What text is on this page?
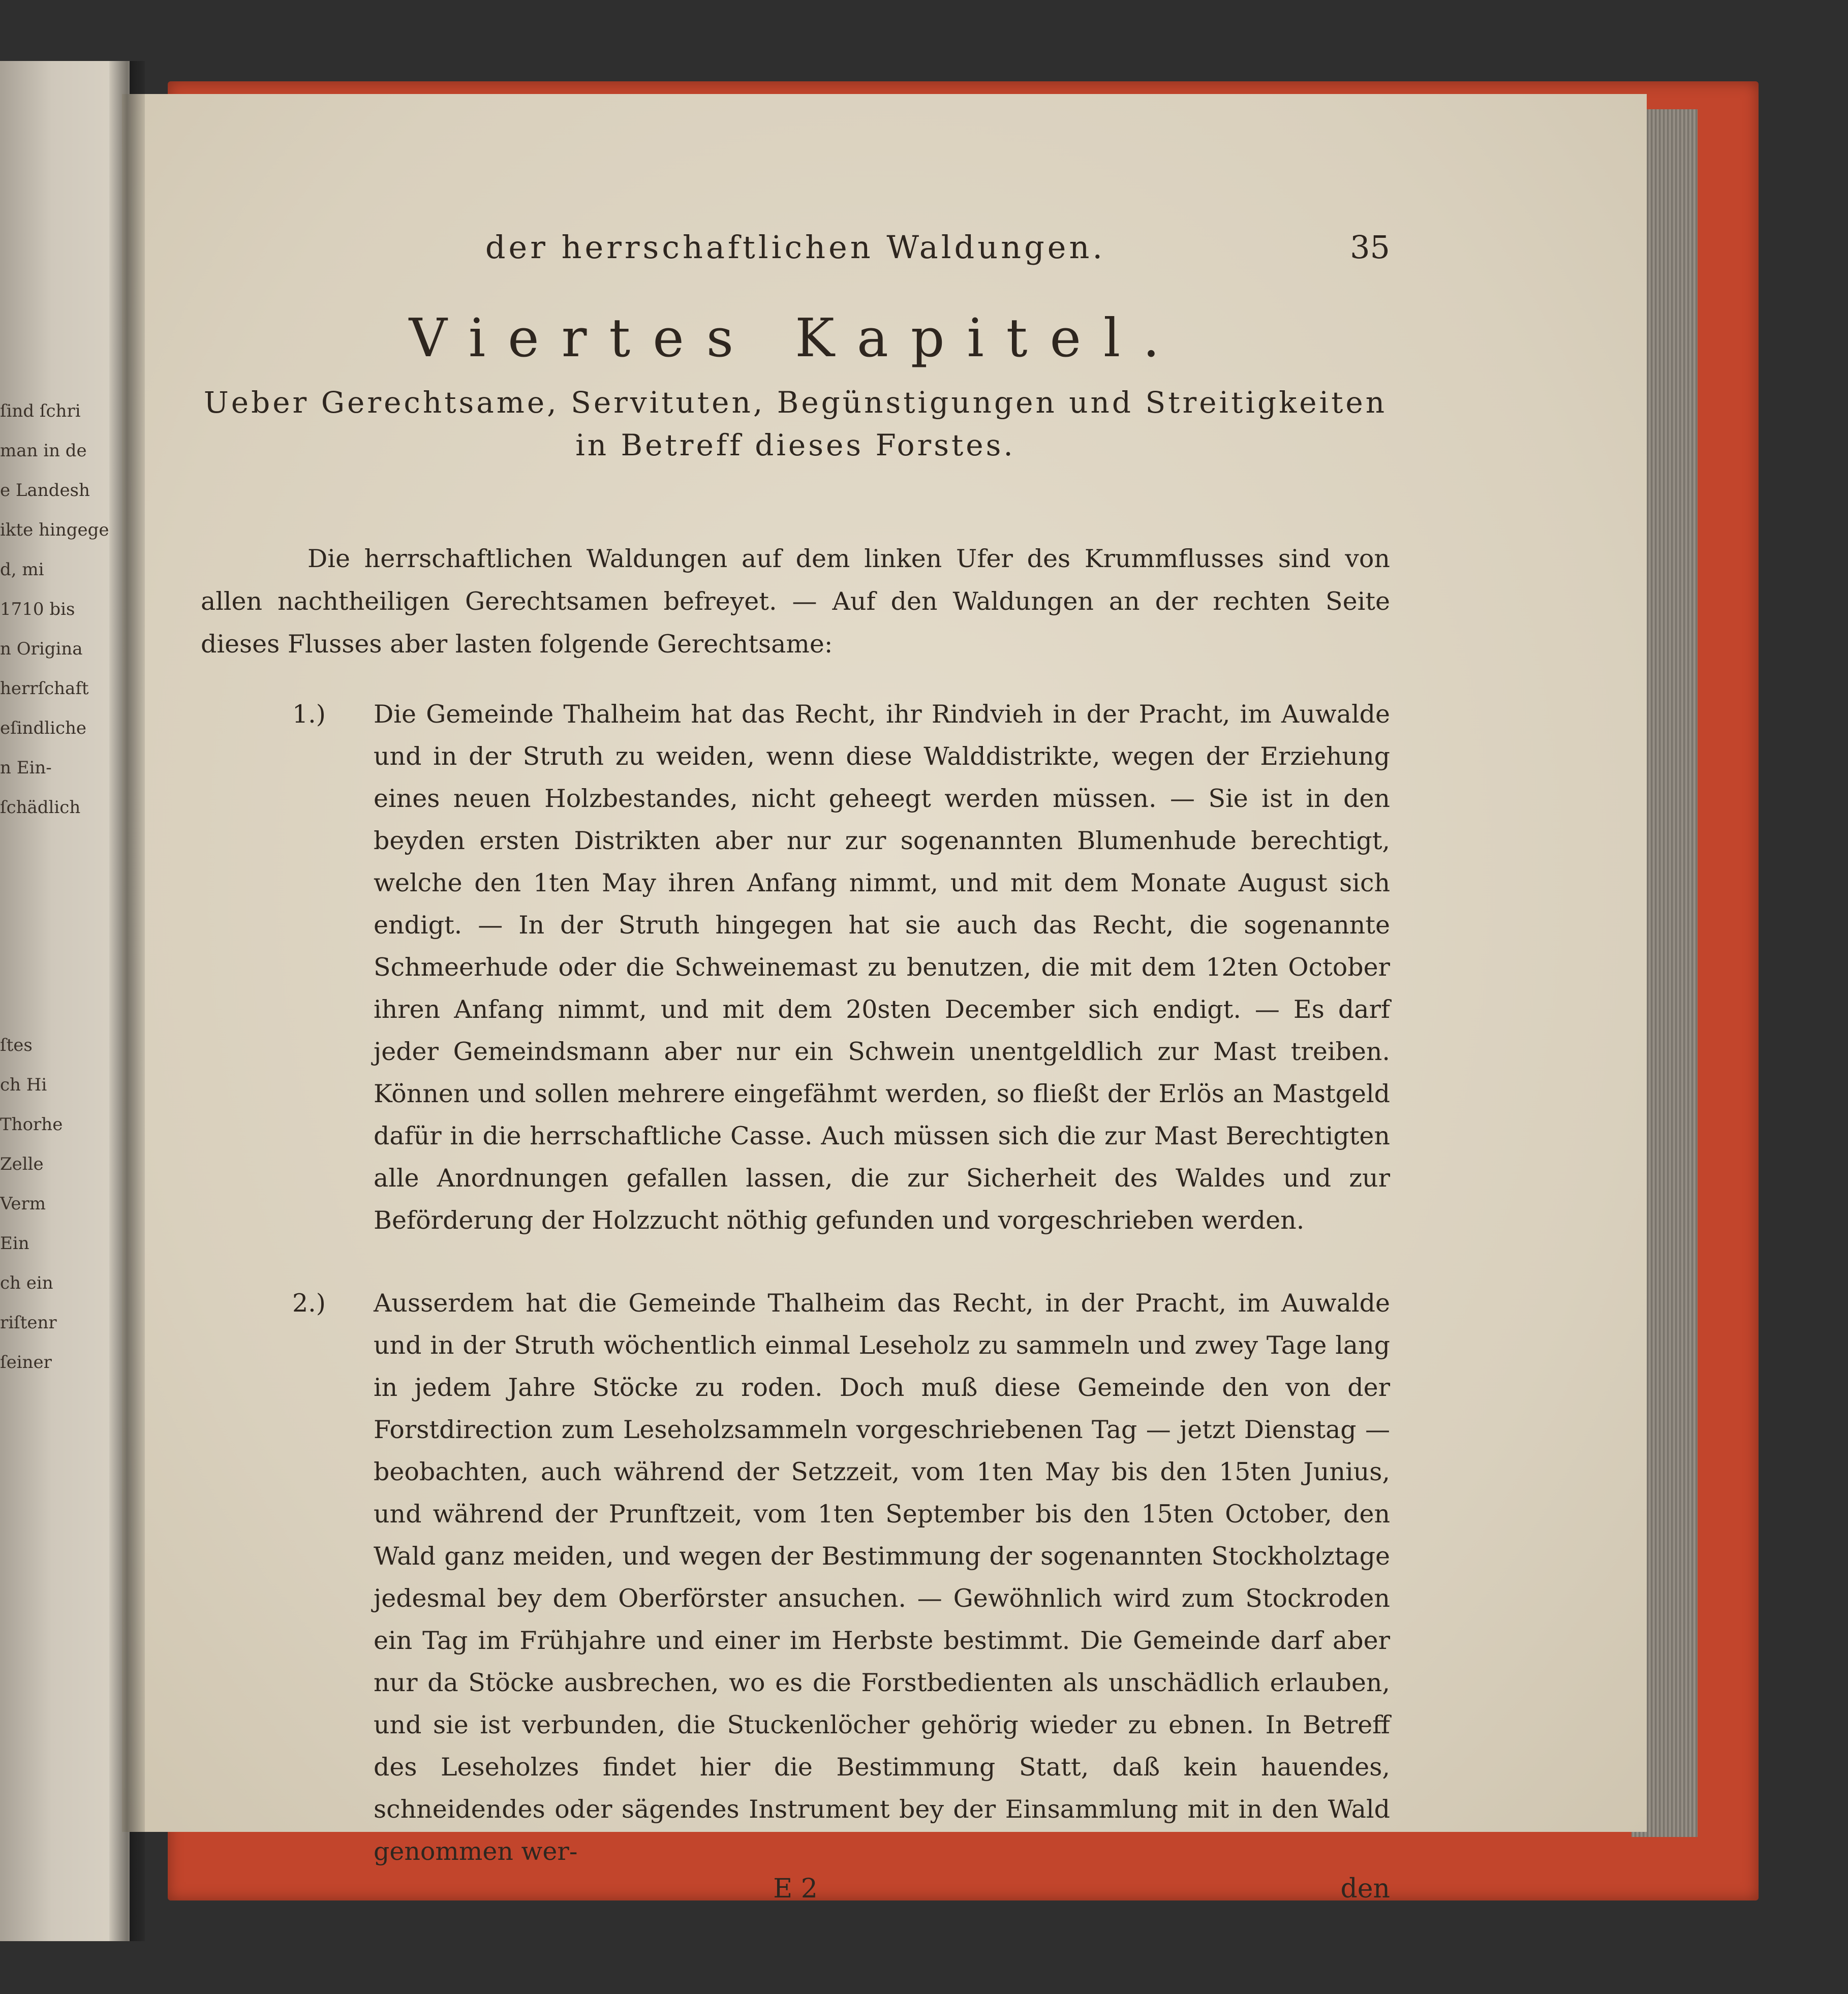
ſind ſchri
man in de
e Landesh
ikte hingege
d, mi
1710 bis
n Origina
herrſchaft
eſindliche
n Ein-
ſchädlich

ſtes
ch Hi
Thorhe
Zelle
Verm
Ein
ch ein
riſtenr
ſeiner
der herrschaftlichen Waldungen.	35
Viertes Kapitel.
Ueber Gerechtsame, Servituten, Begünstigungen und Streitigkeiten
in Betreff dieses Forstes.

Die herrschaftlichen Waldungen auf dem linken Ufer des Krummflusses sind von allen nachtheiligen Gerechtsamen befreyet. — Auf den Waldungen an der rechten Seite dieses Flusses aber lasten folgende Gerechtsame:

1.) Die Gemeinde Thalheim hat das Recht, ihr Rindvieh in der Pracht, im Auwalde und in der Struth zu weiden, wenn diese Walddistrikte, wegen der Erziehung eines neuen Holzbestandes, nicht geheegt werden müssen. — Sie ist in den beyden ersten Distrikten aber nur zur sogenannten Blumenhude berechtigt, welche den 1ten May ihren Anfang nimmt, und mit dem Monate August sich endigt. — In der Struth hingegen hat sie auch das Recht, die sogenannte Schmeerhude oder die Schweinemast zu benutzen, die mit dem 12ten October ihren Anfang nimmt, und mit dem 20sten December sich endigt. — Es darf jeder Gemeindsmann aber nur ein Schwein unentgeldlich zur Mast treiben. Können und sollen mehrere eingefähmt werden, so fließt der Erlös an Mastgeld dafür in die herrschaftliche Casse. Auch müssen sich die zur Mast Berechtigten alle Anordnungen gefallen lassen, die zur Sicherheit des Waldes und zur Beförderung der Holzzucht nöthig gefunden und vorgeschrieben werden.
2.) Ausserdem hat die Gemeinde Thalheim das Recht, in der Pracht, im Auwalde und in der Struth wöchentlich einmal Leseholz zu sammeln und zwey Tage lang in jedem Jahre Stöcke zu roden. Doch muß diese Gemeinde den von der Forstdirection zum Leseholzsammeln vorgeschriebenen Tag — jetzt Dienstag — beobachten, auch während der Setzzeit, vom 1ten May bis den 15ten Junius, und während der Prunftzeit, vom 1ten September bis den 15ten October, den Wald ganz meiden, und wegen der Bestimmung der sogenannten Stockholztage jedesmal bey dem Oberförster ansuchen. — Gewöhnlich wird zum Stockroden ein Tag im Frühjahre und einer im Herbste bestimmt. Die Gemeinde darf aber nur da Stöcke ausbrechen, wo es die Forstbedienten als unschädlich erlauben, und sie ist verbunden, die Stuckenlöcher gehörig wieder zu ebnen. In Betreff des Leseholzes findet hier die Bestimmung Statt, daß kein hauendes, schneidendes oder sägendes Instrument bey der Einsammlung mit in den Wald genommen wer-
E 2	den
